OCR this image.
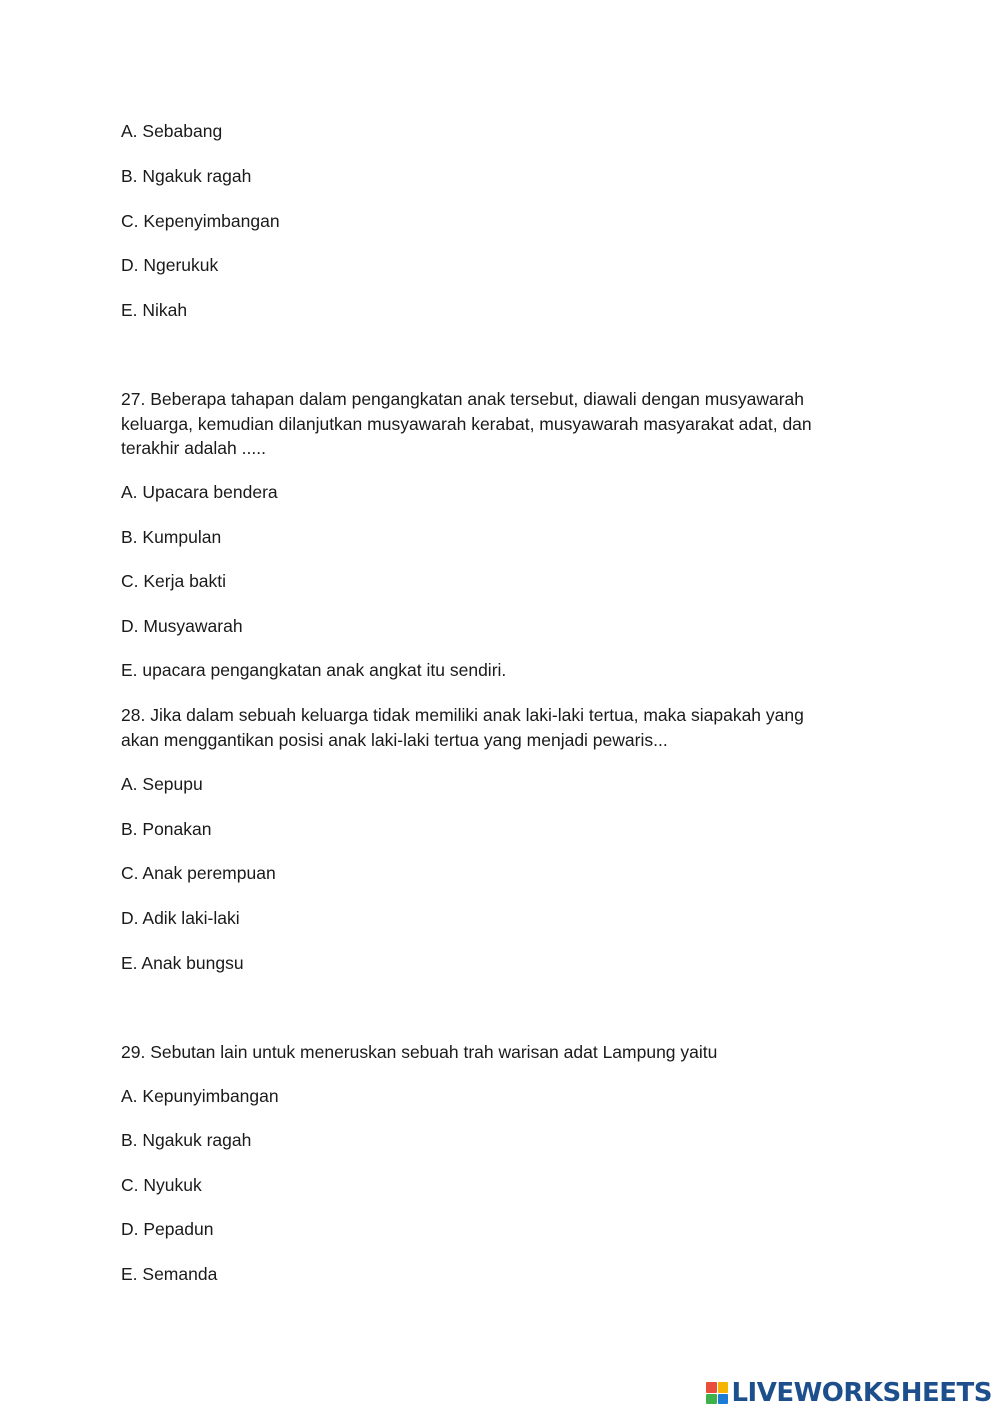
A. Sebabang
B. Ngakuk ragah
C. Kepenyimbangan
D. Ngerukuk
E. Nikah
27. Beberapa tahapan dalam pengangkatan anak tersebut, diawali dengan musyawarah
keluarga, kemudian dilanjutkan musyawarah kerabat, musyawarah masyarakat adat, dan
terakhir adalah .....
A. Upacara bendera
B. Kumpulan
C. Kerja bakti
D. Musyawarah
E. upacara pengangkatan anak angkat itu sendiri.
28. Jika dalam sebuah keluarga tidak memiliki anak laki-laki tertua, maka siapakah yang
akan menggantikan posisi anak laki-laki tertua yang menjadi pewaris...
A. Sepupu
B. Ponakan
C. Anak perempuan
D. Adik laki-laki
E. Anak bungsu
29. Sebutan lain untuk meneruskan sebuah trah warisan adat Lampung yaitu
A. Kepunyimbangan
B. Ngakuk ragah
C. Nyukuk
D. Pepadun
E. Semanda
LIVEWORKSHEETS
